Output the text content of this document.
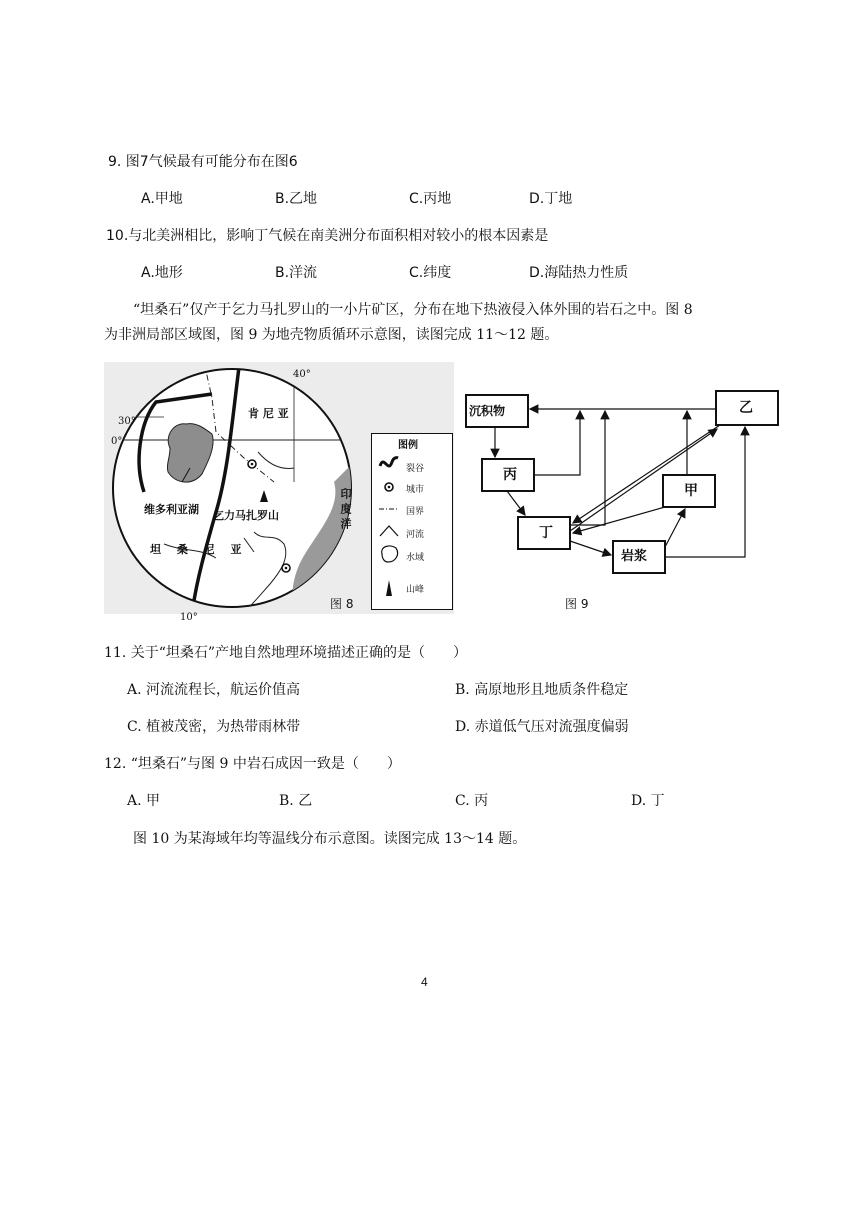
9. 图7气候最有可能分布在图6
A.甲地	B.乙地	C.丙地	D.丁地
10.与北美洲相比，影响丁气候在南美洲分布面积相对较小的根本因素是
A.地形	B.洋流	C.纬度	D.海陆热力性质
“坦桑石”仅产于乞力马扎罗山的一小片矿区，分布在地下热液侵入体外围的岩石之中。图 8
为非洲局部区域图，图 9 为地壳物质循环示意图，读图完成 11～12 题。
40°
30°
0°
10°
肯 尼 亚
维多利亚湖 乞力马扎罗山
坦 桑 尼 亚
印 度 洋
图例
裂谷
城市
国界
河流
水域
山峰
图 8
沉积物	乙
丙
甲
丁
岩浆
图 9
11. 关于“坦桑石”产地自然地理环境描述正确的是（　　）
A. 河流流程长，航运价值高	B. 高原地形且地质条件稳定
C. 植被茂密，为热带雨林带	D. 赤道低气压对流强度偏弱
12. “坦桑石”与图 9 中岩石成因一致是（　　）
A. 甲	B. 乙	C. 丙	D. 丁
图 10 为某海域年均等温线分布示意图。读图完成 13～14 题。
4
